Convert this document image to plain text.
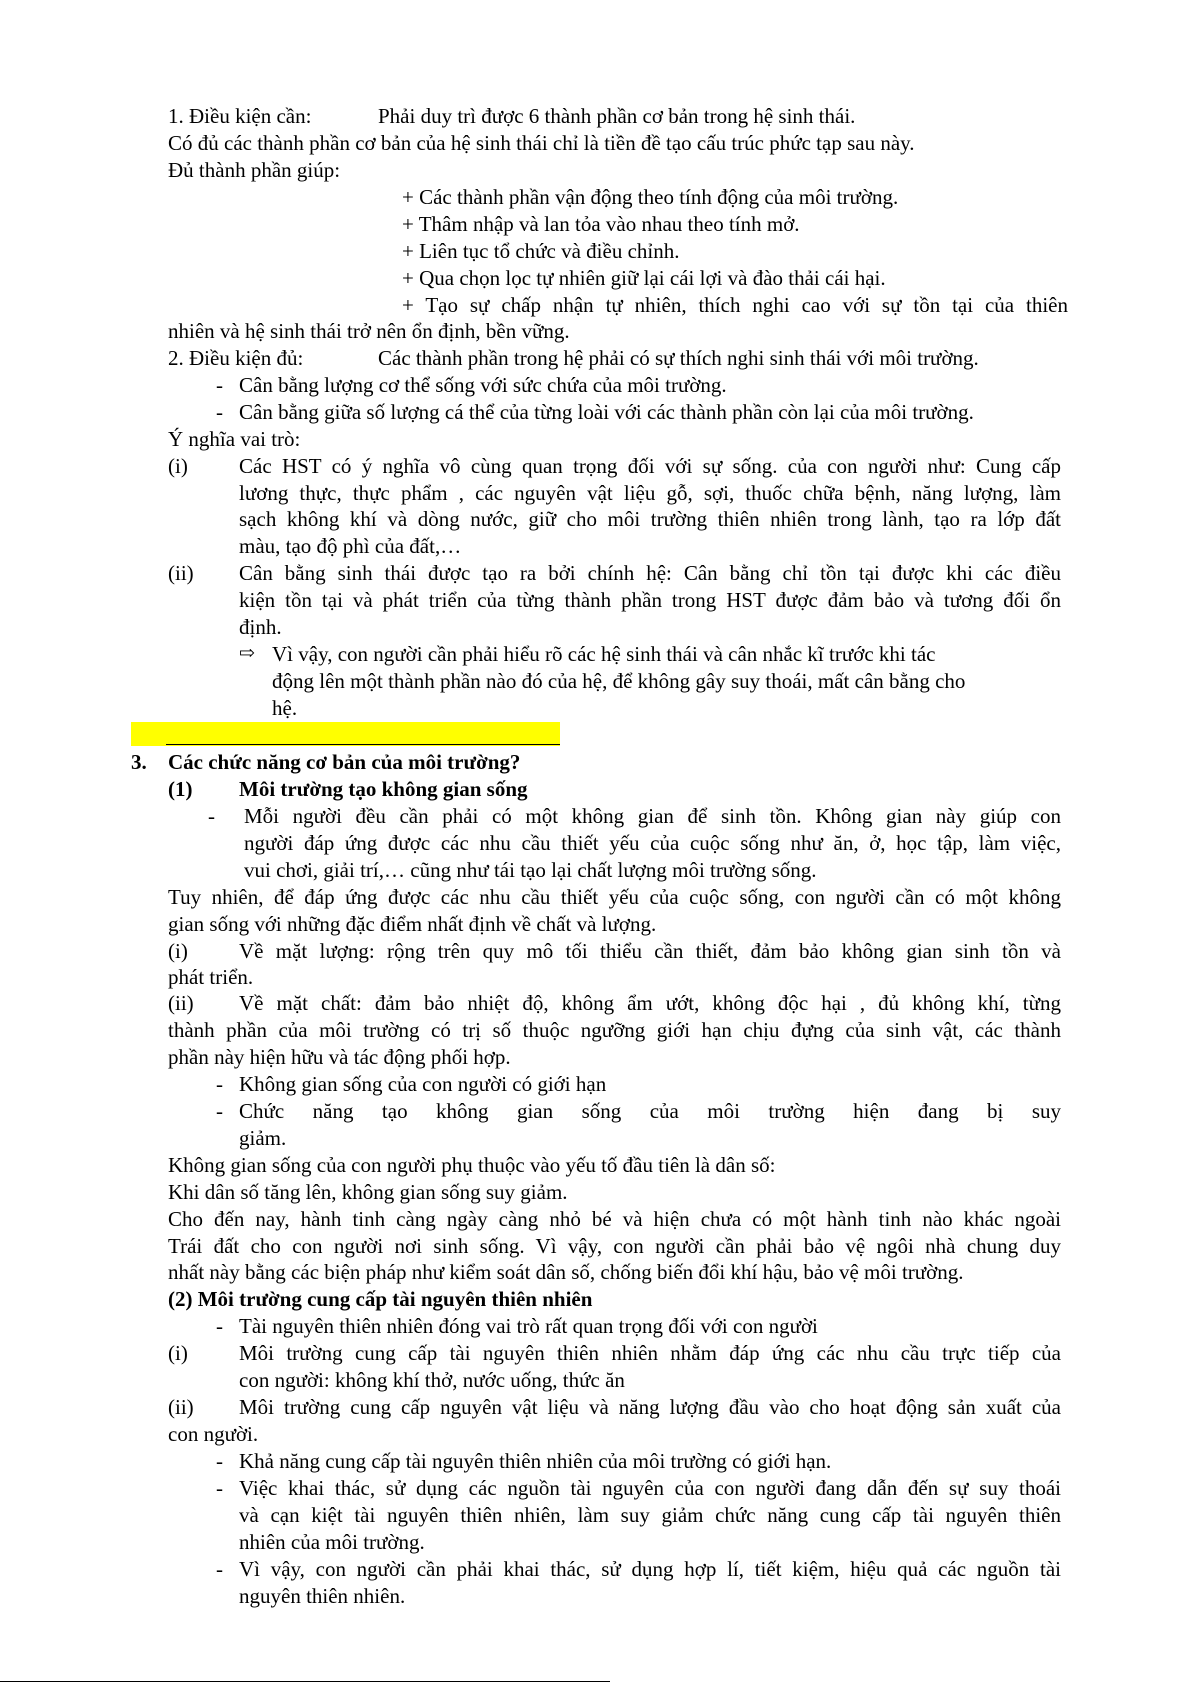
1. Điều kiện cần:	Phải duy trì được 6 thành phần cơ bản trong hệ sinh thái.
Có đủ các thành phần cơ bản của hệ sinh thái chỉ là tiền đề tạo cấu trúc phức tạp sau này.
Đủ thành phần giúp:
+ Các thành phần vận động theo tính động của môi trường.
+ Thâm nhập và lan tỏa vào nhau theo tính mở.
+ Liên tục tổ chức và điều chỉnh.
+ Qua chọn lọc tự nhiên giữ lại cái lợi và đào thải cái hại.
+ Tạo sự chấp nhận tự nhiên, thích nghi cao với sự tồn tại của thiên
nhiên và hệ sinh thái trở nên ổn định, bền vững.
2. Điều kiện đủ:	Các thành phần trong hệ phải có sự thích nghi sinh thái với môi trường.
- Cân bằng lượng cơ thể sống với sức chứa của môi trường.
- Cân bằng giữa số lượng cá thể của từng loài với các thành phần còn lại của môi trường.
Ý nghĩa vai trò:
(i) Các HST có ý nghĩa vô cùng quan trọng đối với sự sống. của con người như: Cung cấp
lương thực, thực phẩm , các nguyên vật liệu gỗ, sợi, thuốc chữa bệnh, năng lượng, làm
sạch không khí và dòng nước, giữ cho môi trường thiên nhiên trong lành, tạo ra lớp đất
màu, tạo độ phì của đất,…
(ii) Cân bằng sinh thái được tạo ra bởi chính hệ: Cân bằng chỉ tồn tại được khi các điều
kiện tồn tại và phát triển của từng thành phần trong HST được đảm bảo và tương đối ổn
định.
⇨ Vì vậy, con người cần phải hiểu rõ các hệ sinh thái và cân nhắc kĩ trước khi tác
động lên một thành phần nào đó của hệ, để không gây suy thoái, mất cân bằng cho
hệ.
3. Các chức năng cơ bản của môi trường?
(1) Môi trường tạo không gian sống
- Mỗi người đều cần phải có một không gian để sinh tồn. Không gian này giúp con
người đáp ứng được các nhu cầu thiết yếu của cuộc sống như ăn, ở, học tập, làm việc,
vui chơi, giải trí,… cũng như tái tạo lại chất lượng môi trường sống.
Tuy nhiên, để đáp ứng được các nhu cầu thiết yếu của cuộc sống, con người cần có một không
gian sống với những đặc điểm nhất định về chất và lượng.
(i) Về mặt lượng: rộng trên quy mô tối thiểu cần thiết, đảm bảo không gian sinh tồn và
phát triển.
(ii) Về mặt chất: đảm bảo nhiệt độ, không ẩm ướt, không độc hại , đủ không khí, từng
thành phần của môi trường có trị số thuộc ngưỡng giới hạn chịu đựng của sinh vật, các thành
phần này hiện hữu và tác động phối hợp.
- Không gian sống của con người có giới hạn
- Chức năng tạo không gian sống của môi trường hiện đang bị suy
giảm.
Không gian sống của con người phụ thuộc vào yếu tố đầu tiên là dân số:
Khi dân số tăng lên, không gian sống suy giảm.
Cho đến nay, hành tinh càng ngày càng nhỏ bé và hiện chưa có một hành tinh nào khác ngoài
Trái đất cho con người nơi sinh sống. Vì vậy, con người cần phải bảo vệ ngôi nhà chung duy
nhất này bằng các biện pháp như kiểm soát dân số, chống biến đổi khí hậu, bảo vệ môi trường.
(2) Môi trường cung cấp tài nguyên thiên nhiên
- Tài nguyên thiên nhiên đóng vai trò rất quan trọng đối với con người
(i) Môi trường cung cấp tài nguyên thiên nhiên nhằm đáp ứng các nhu cầu trực tiếp của
con người: không khí thở, nước uống, thức ăn
(ii) Môi trường cung cấp nguyên vật liệu và năng lượng đầu vào cho hoạt động sản xuất của
con người.
- Khả năng cung cấp tài nguyên thiên nhiên của môi trường có giới hạn.
- Việc khai thác, sử dụng các nguồn tài nguyên của con người đang dẫn đến sự suy thoái
và cạn kiệt tài nguyên thiên nhiên, làm suy giảm chức năng cung cấp tài nguyên thiên
nhiên của môi trường.
- Vì vậy, con người cần phải khai thác, sử dụng hợp lí, tiết kiệm, hiệu quả các nguồn tài
nguyên thiên nhiên.
